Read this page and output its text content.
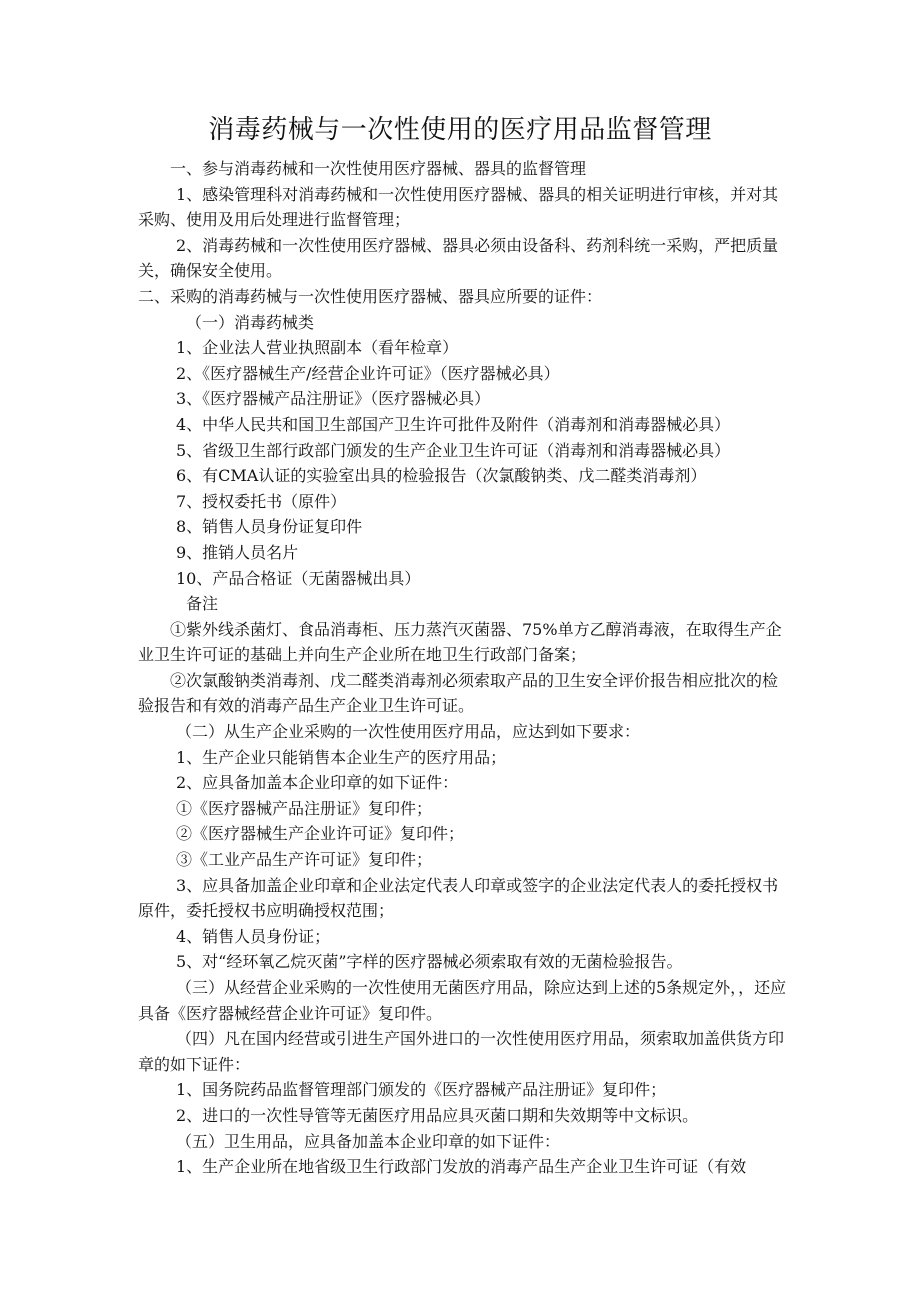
消毒药械与一次性使用的医疗用品监督管理

一、参与消毒药械和一次性使用医疗器械、器具的监督管理

1、感染管理科对消毒药械和一次性使用医疗器械、器具的相关证明进行审核，并对其采购、使用及用后处理进行监督管理；

2、消毒药械和一次性使用医疗器械、器具必须由设备科、药剂科统一采购，严把质量关，确保安全使用。

二、采购的消毒药械与一次性使用医疗器械、器具应所要的证件：

（一）消毒药械类

1、企业法人营业执照副本（看年检章）

2、《医疗器械生产/经营企业许可证》（医疗器械必具）

3、《医疗器械产品注册证》（医疗器械必具）

4、中华人民共和国卫生部国产卫生许可批件及附件（消毒剂和消毒器械必具）

5、省级卫生部行政部门颁发的生产企业卫生许可证（消毒剂和消毒器械必具）

6、有CMA认证的实验室出具的检验报告（次氯酸钠类、戊二醛类消毒剂）

7、授权委托书（原件）

8、销售人员身份证复印件

9、推销人员名片

10、产品合格证（无菌器械出具）

备注

①紫外线杀菌灯、食品消毒柜、压力蒸汽灭菌器、75%单方乙醇消毒液，在取得生产企业卫生许可证的基础上并向生产企业所在地卫生行政部门备案；

②次氯酸钠类消毒剂、戊二醛类消毒剂必须索取产品的卫生安全评价报告相应批次的检验报告和有效的消毒产品生产企业卫生许可证。

（二）从生产企业采购的一次性使用医疗用品，应达到如下要求：

1、生产企业只能销售本企业生产的医疗用品；

2、应具备加盖本企业印章的如下证件：

①《医疗器械产品注册证》复印件；

②《医疗器械生产企业许可证》复印件；

③《工业产品生产许可证》复印件；

3、应具备加盖企业印章和企业法定代表人印章或签字的企业法定代表人的委托授权书原件，委托授权书应明确授权范围；

4、销售人员身份证；

5、对“经环氧乙烷灭菌”字样的医疗器械必须索取有效的无菌检验报告。

（三）从经营企业采购的一次性使用无菌医疗用品，除应达到上述的5条规定外，，还应具备《医疗器械经营企业许可证》复印件。

（四）凡在国内经营或引进生产国外进口的一次性使用医疗用品，须索取加盖供货方印章的如下证件：

1、国务院药品监督管理部门颁发的《医疗器械产品注册证》复印件；

2、进口的一次性导管等无菌医疗用品应具灭菌口期和失效期等中文标识。

（五）卫生用品，应具备加盖本企业印章的如下证件：

1、生产企业所在地省级卫生行政部门发放的消毒产品生产企业卫生许可证（有效
